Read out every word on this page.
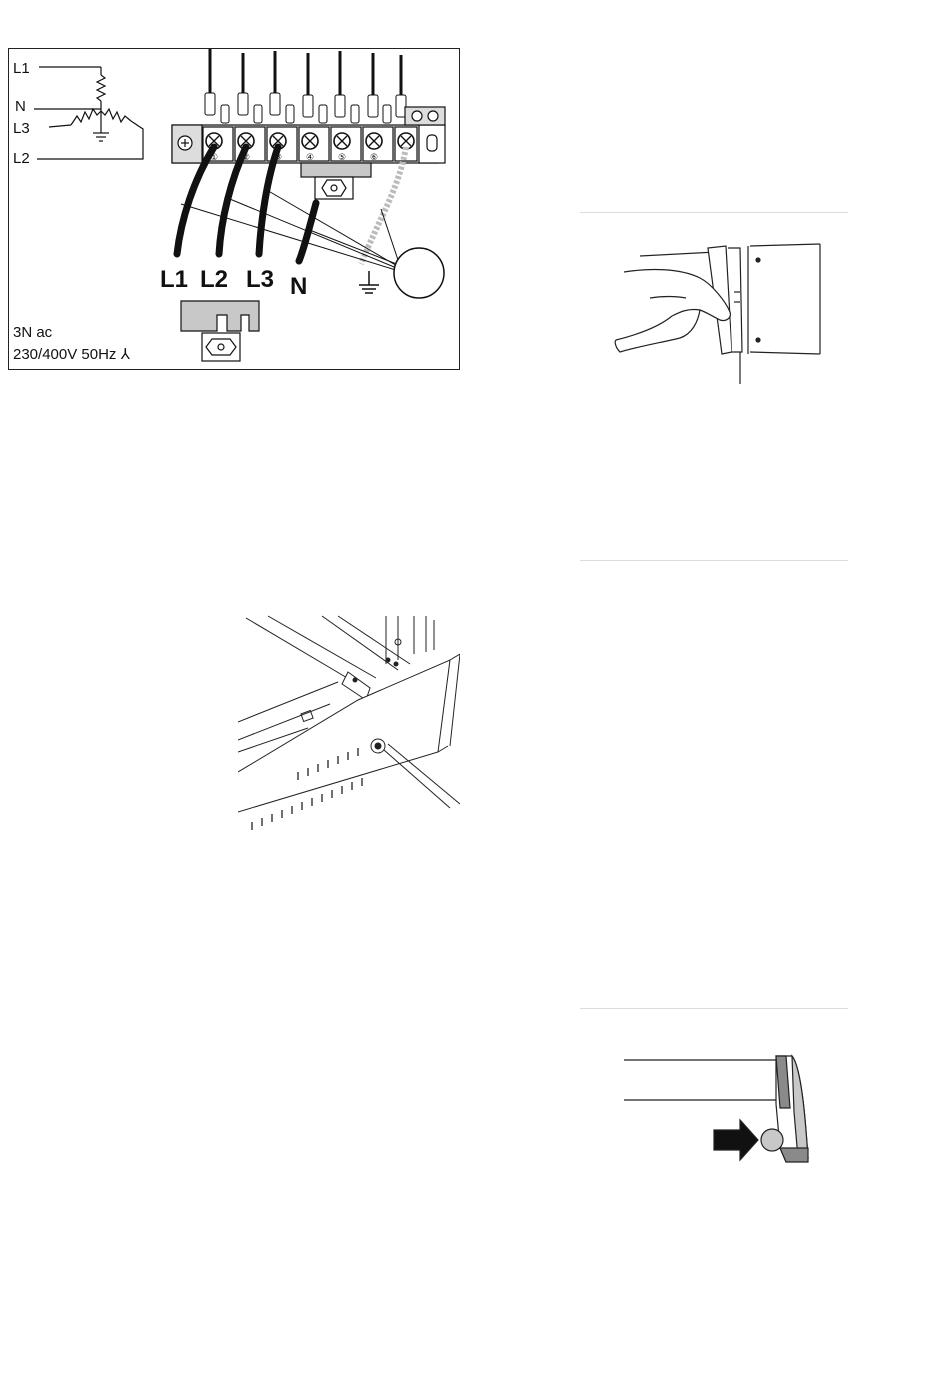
L1
N
L3
L2	①	②	③	④	⑤	⑥
L1 L2 L3 N
3N ac
230/400V 50Hz ⅄
